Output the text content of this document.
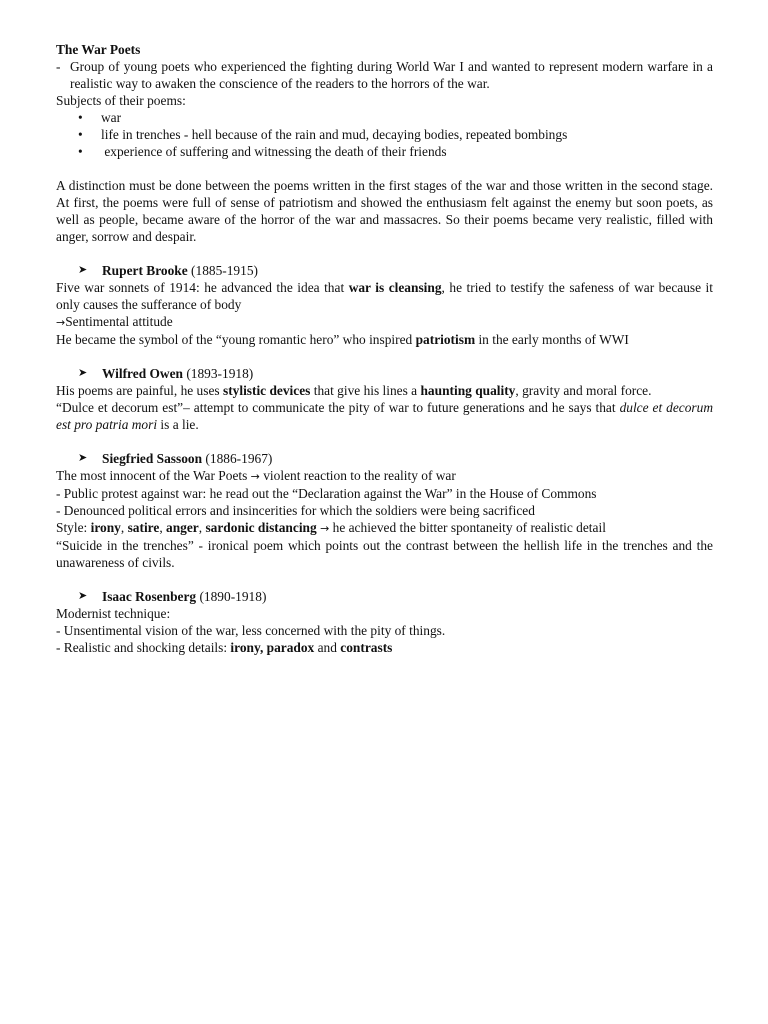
The War Poets

- Group of young poets who experienced the fighting during World War I and wanted to represent modern warfare in a realistic way to awaken the conscience of the readers to the horrors of the war.

Subjects of their poems:

•	war
•	life in trenches - hell because of the rain and mud, decaying bodies, repeated bombings
•	experience of suffering and witnessing the death of their friends

A distinction must be done between the poems written in the first stages of the war and those written in the second stage. At first, the poems were full of sense of patriotism and showed the enthusiasm felt against the enemy but soon poets, as well as people, became aware of the horror of the war and massacres. So their poems became very realistic, filled with anger, sorrow and despair.

➤	Rupert Brooke (1885-1915)

Five war sonnets of 1914: he advanced the idea that war is cleansing, he tried to testify the safeness of war because it only causes the sufferance of body

→Sentimental attitude

He became the symbol of the “young romantic hero” who inspired patriotism in the early months of WWI

➤	Wilfred Owen (1893-1918)

His poems are painful, he uses stylistic devices that give his lines a haunting quality, gravity and moral force.

“Dulce et decorum est”– attempt to communicate the pity of war to future generations and he says that dulce et decorum est pro patria mori is a lie.

➤	Siegfried Sassoon (1886-1967)

The most innocent of the War Poets → violent reaction to the reality of war

- Public protest against war: he read out the “Declaration against the War” in the House of Commons

- Denounced political errors and insincerities for which the soldiers were being sacrificed

Style: irony, satire, anger, sardonic distancing → he achieved the bitter spontaneity of realistic detail

“Suicide in the trenches” - ironical poem which points out the contrast between the hellish life in the trenches and the unawareness of civils.

➤	Isaac Rosenberg (1890-1918)

Modernist technique:

- Unsentimental vision of the war, less concerned with the pity of things.

- Realistic and shocking details: irony, paradox and contrasts
